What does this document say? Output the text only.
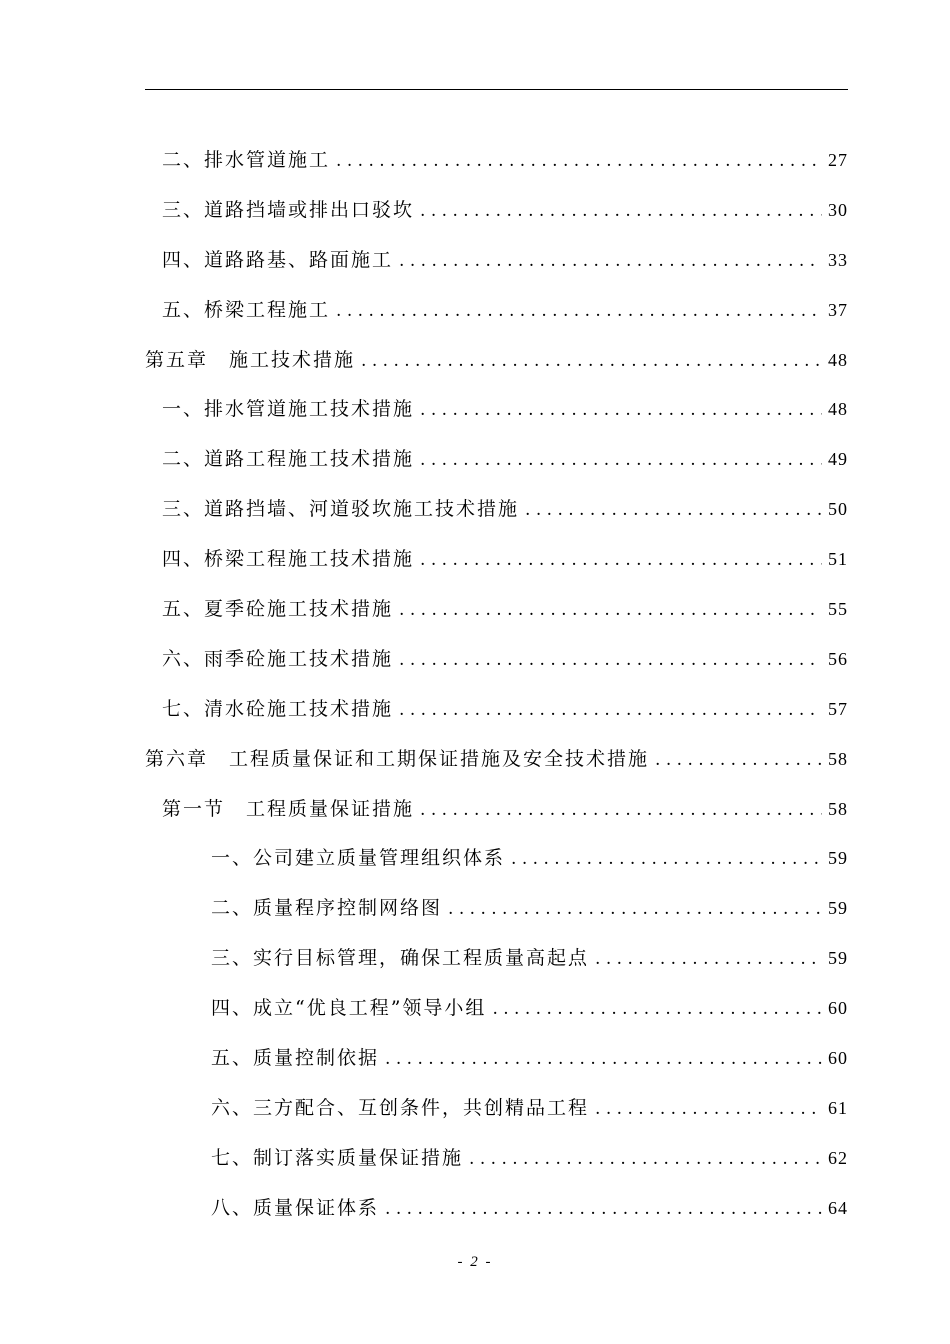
二、排水管道施工 . . .	27
三、道路挡墙或排出口驳坎 . . .	30
四、道路路基、路面施工 . . .	33
五、桥梁工程施工 . . .	37
第五章　施工技术措施 . . .	48
一、排水管道施工技术措施 . . .	48
二、道路工程施工技术措施 . . .	49
三、道路挡墙、河道驳坎施工技术措施 . . .	50
四、桥梁工程施工技术措施 . . .	51
五、夏季砼施工技术措施 . . .	55
六、雨季砼施工技术措施 . . .	56
七、清水砼施工技术措施 . . .	57
第六章　工程质量保证和工期保证措施及安全技术措施 . . .	58
第一节　工程质量保证措施 . . .	58
一、公司建立质量管理组织体系 . . .	59
二、质量程序控制网络图 . . .	59
三、实行目标管理，确保工程质量高起点 . . .	59
四、成立“优良工程”领导小组 . . .	60
五、质量控制依据 . . .	60
六、三方配合、互创条件，共创精品工程 . . .	61
七、制订落实质量保证措施 . . .	62
八、质量保证体系 . . .	64
- 2 -
